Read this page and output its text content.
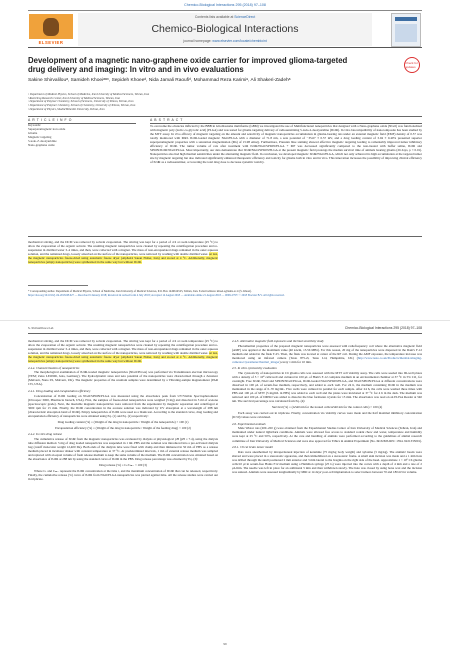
Chemico-Biological Interactions 295 (2018) 97–108
ELSEVIER
Contents lists available at ScienceDirect
Chemico-Biological Interactions
journal homepage: www.elsevier.com/locate/chembioint
Development of a magnetic nano-graphene oxide carrier for improved glioma-targeted drug delivery and imaging: In vitro and in vivo evaluations
Check for updates
Sakine Shirvalilouᵃ, Samideh Khoeiᵃʷᶜ, Sepideh Khoeeᵈ, Nida Jamali Raoufiᵈ, Mohammad Reza Karimiᵉ, Ali Shakeri-Zadehᵃ
ᵃ Department of Medical Physics, School of Medicine, Iran University of Medical Sciences, Tehran, Iran
ᵇ Razi Drug Research Center, Iran University of Medical Sciences, Tehran, Iran
ᶜ Department of Polymer Chemistry, School of Sciences, University of Tehran, Tehran, Iran
ᵈ Department of Polymer Chemistry, School of Chemistry, University of Tehran, Tehran, Iran
ᵉ Department of Physics, Shahid Beheshti University, Tehran, Iran
A R T I C L E I N F O	A B S T R A C T
Keywords:
Superparamagnetic iron oxide
Glioma
Magnetic targeting
5-iodo-2'-deoxyuridine
Nano-graphene oxide
To overcome the obstacles inflicted by the BBB in Glioblastoma multiforme (GBM) we investigated the use of Multifunctional nanoparticles that designed with a Nano-graphene oxide (NGO) was functionalized with magnetic poly (lactic-co-glycolic acid) (PLGA) and was tested for glioma targeting delivery of radiosensitizing 5-iodo-2-deoxyuridine (IUdR). In vitro biocompatibility of nanocomposite has been studied by the MTT assay. In vivo efficacy of magnetic targeting on the amount and selectivity of magnetic nanoparticles accumulation in glioma-bearing rats under an external magnetic field (EMF) density of 0.57 was totally monitored with MRI. IUdR-loaded magnetic NGO/PLGA with a diameter of 71.8 nm, a zeta potential of −35.67 ± 0.57 mV, and a drug loading content of 3.04 ± 0.40% presented superior superparamagnetic properties with a saturation magnetization (Ms) of 15.98 emu/g. Furthermore, Prussian blue staining showed effective magnetic targeting leading to remarkably improved tumor inhibitory efficiency of IUdR. The tumor volume of rats after treatment with IUdR/NGO/SPION/PLGA + MF was decreased significantly compared to the non-treated with buffer saline, IUdR and SPION/IUdR/NGO/PLGA. Most importantly, our data demonstrate that IUdR/NGO/SPION/PLGA at the present magnetic field prolongs the median survival time of animals bearing glioma (26 days, p < 0.01). Nanoparticles also had high thermal sensitivities under the alternating magnetic field. In conclusion, we developed magnetic IUdR/NGO/PLGA, which not only achieved its high accumulation at the targeted tumor site by magnetic targeting but also indicated significantly enhanced therapeutic efficiency and toxicity for glioma both in vitro and in vivo. This innovation increases the possibility of improving clinical efficiency of IUdR as a radiosensitizer, or lowering the total drug dose to decrease systemic toxicity.
mechanical stirring, and the DCM was removed by solvent evaporation. The stirring was kept for a period of 4 h at room temperature (25 °C) to allow the evaporation of the organic solvent. The resulting magnetic nanoparticles were cleaned by repeating the centrifugation procedure and re-suspension in distilled water 3–4 times, and then, were collected with a magnet. The mass of non-encapsulated drugs remained in the outer aqueous solution, and the remained drugs, loosely adsorbed on the surface of the nanoparticles, were removed by washing with double distilled water. At last, the magnetic nanoparticles freeze-dried using automatic freeze dryer (Alpha24 Sauan Fisher, Iran) and stored at 4 °C. Additionally, magnetic nanoparticles (empty nanoparticles) were synthesized in the same way but without IUdR.
* Corresponding author. Department of Medical Physics, School of Medicine, Iran University of Medical Sciences, P.O. Box 1449614525, Tehran, Iran. E-mail address: khoei.s@iums.ac.ir (S. Khoei).
https://doi.org/10.1016/j.cbi.2018.08.027 — Received 9 January 2018; Received in revised form 4 July 2018; Accepted 14 August 2018 — Available online 21 August 2018 — 0009-2797/ © 2018 Elsevier B.V. All rights reserved.
S. Shirvalilou et al.	Chemico-Biological Interactions 295 (2018) 97–108

mechanical stirring, and the DCM was removed by solvent evaporation. The stirring was kept for a period of 4 h at room temperature (25 °C) to allow the evaporation of the organic solvent. The resulting magnetic nanoparticles were cleaned by repeating the centrifugation procedure and re-suspension in distilled water 3–4 times, and then, were collected with a magnet. The mass of non-encapsulated drugs remained in the outer aqueous solution, and the remained drugs, loosely adsorbed on the surface of the nanoparticles, were removed by washing with double distilled water. At last, the magnetic nanoparticles freeze-dried using automatic freeze dryer (Alpha24 Sauan Fisher, Iran) and stored at 4 °C. Additionally, magnetic nanoparticles (empty nanoparticles) were synthesized in the same way but without IUdR.

2.4.4. Characterization of nanoparticles

The morphological examination of IUdR-loaded magnetic nanoparticles (NGO/PLGA) was performed via Transmission electron microscopy (TEM; Zeiss LEO906, Jena, Germany). The hydrodynamic sizes and zeta potential of the nanoparticles were characterized through a Zetasizer (Malvern, Nano ZS, Malvern, UK). The magnetic properties of the resultant samples were determined by a Vibrating-sample magnetometer (PAR 155, USA).

2.4.1. Drug loading and encapsulation efficiency

Concentration of IUdR loading on NGO/SPION/PLGA was measured using the absorbance peak from UV/Visible Spectrophotometer (Ultrospec 3000, Pharmacia biotech, USA). First, the samples of freeze-dried nanoparticles were weighed (3 mg) and dissolved in 5 ml of acetone (spectroscopic grade). Next, the insoluble magnetic nanoparticles were removed from the supernatant by magnetic separation and centrifuged at 3000 rpm for 15 min. Finally, the IUdR concentration in the acetone solution was indicated by UV absorption at a wavelength of 288 nm (characteristic absorption band of IUdR). Empty nanoparticles of IUdR were used as a blank test. According to the standard curve, drug loading and encapsulation efficiency of nanoparticles were obtained using Eq. (1) and Eq. (2) respectively:

Drug loading content (%) = (Weight of the drug in nanoparticle / Weight of the nanoparticle) × 100 (1)
Encapsulation efficiency (%) = (Weight of the drug in nanoparticle / Weight of the feeding drug) × 100 (2)
2.4.2. In vitro drug release

The cumulative release of IUdR from the magnetic nanoparticles was evaluated by dialysis at physiological pH (pH = 7.4), using the dialysis tube diffusion method. 5 mg of drug loaded nanoparticles was suspended in 1 mL PBS and the solution was introduced into a pre-activated dialysis bag (cutoff molecular weight 12,400 Da). Both ends of the dialysis tube were fixed with clamp and then immersed in 50 mL of PBS as a release medium placed in incubator shaker with constant temperature at 37 °C. At predetermined intervals, 1 mL of external release medium was sampled and replaced with an equal volume of fresh release medium to keep the same volume of the medium. The IUdR concentration was obtained based on the absorbance of IUdR at 288 nm by using the standard curve of IUdR in the PBS. Drug release percentage was obtained by Eq. (3):

Drug release (%) = Cₜ/Cₘₐₓ × 100 (3)

Where Cₜ and Cₘₐₓ represent the IUdR concentration at the time t, and the maximum concentration of IUdR that can be released, respectively. Finally, the cumulative release (%) curve of IUdR from NGO/PLGA nanoparticles was plotted against time. All the release studies were carried out in triplicate.

2.4.3. Alternative magnetic field exposures and thermal sensitivity study

Photothermal properties of the prepared magnetic nanoparticles were assessed with radiofrequency coil where the alternative magnetic field (AMF) was applied at the maximum value (40 kA/m, 13.56 MHz). For this reason, 20 mg of the nanoparticles were dispersed in the Dant's F-12 medium and added in the flask T-25. Then, the flask was located at center of the RF coil. During the AMF exposure, the temperature increase was monitored using an infrared camera (Testo 875-2i, Testo Ltd, Hampshire, UK) (http://www.testo.co.uk/Products/thermal-imaging-cameras/c/parameter/thermal_imager) every 1 min for 10 min.

2.5. In vitro cytotoxicity evaluation

The cytotoxicity of nanoparticles in C6 glioma cells was assessed with the MTT cell viability assay. The cells were seeded into 96-well plates with a density of 5 × 10⁴ cells/well and cultured in 100 μL of Ham's F-12 complete medium in an environmental chamber at 37 °C in 5% CO₂ for overnight. Free IUdR, NGO and SPION/NGO/PLGA, IUdR-loaded NGO/SPION/PLGA, and NGO/SPION/PLGA at different concentrations were dissolved in 100 μL of serum-free medium, respectively, and added to each well. For 24 h, the medium containing IUdR in the medium was maintained in the range of 0–70 mg/mL. Five wells were cultured in parallel for each sample. After 24 h, the cells were washed three times with PBS and 100 μL of MTT (5 mg/mL in PBS) was added to each well and the plates were incubated at 37 °C for 4 h in the dark. The medium was removed and 100 μL of DMSO was added to dissolve the blue formazan crystals for 15 min. The absorbance was read on an ELISA Reader at 540 nm. The survival percentage was calculated from Eq. (4):

Survival (%) = (A540 nm for the treated cells/A540 nm for the control cells) × 100 (4)

Each assay was carried out in triplicate. Finally, concentration via viability curves were made and the half maximal inhibitory concentration (IC50) values were calculated.

2.6. Experimental animals

Male Wistar rats (200–220 g) were obtained from the Experimental Studies Center of Iran University of Medical Sciences (Tehran, Iran) and maintained under natural light/dark conditions. Animals were allowed free access to standard rodent chow and water, temperature and humidity were kept at 25 °C and 50%, respectively. At the care and handling of animals were performed according to the guidelines of animal research committee of Iran University of Medical Sciences and were also approved for Ethics in Animal Experiment (No. IR.IUMS.REC 1394. 9221335001).

2.6.1. C6 rat brain tumor model

Rats were anesthetized by intraperitoneal injection of ketamine (75 mg/kg body weight) and xylazine (5 mg/kg). The animals' heads were shaved and were placed in a stereotaxic apparatus, and then immobilized on a stereotaxic frame. A small skin incision was made and a 1 mm hole was drilled through the skull positioned 2 mm anterior and 3 mm lateral to the bregma on the right side of the head. Approximate 1 × 10⁶ C6 glioma cells/10 μl in serum-free Hams F12 medium using a Hamilton syringe (25 G) were injected into the cortex with a depth of 4 mm and a rate of 2 μL/min. The needle was left in place for an additional 5 min and then withdrawn slowly. The hole was closed by using bone wax and the incision was sutured. Animals were assessed longitudinally by MRI at 14 days' post-cell implantation to select tumors between 70 and 180 m3 in volume.

99
